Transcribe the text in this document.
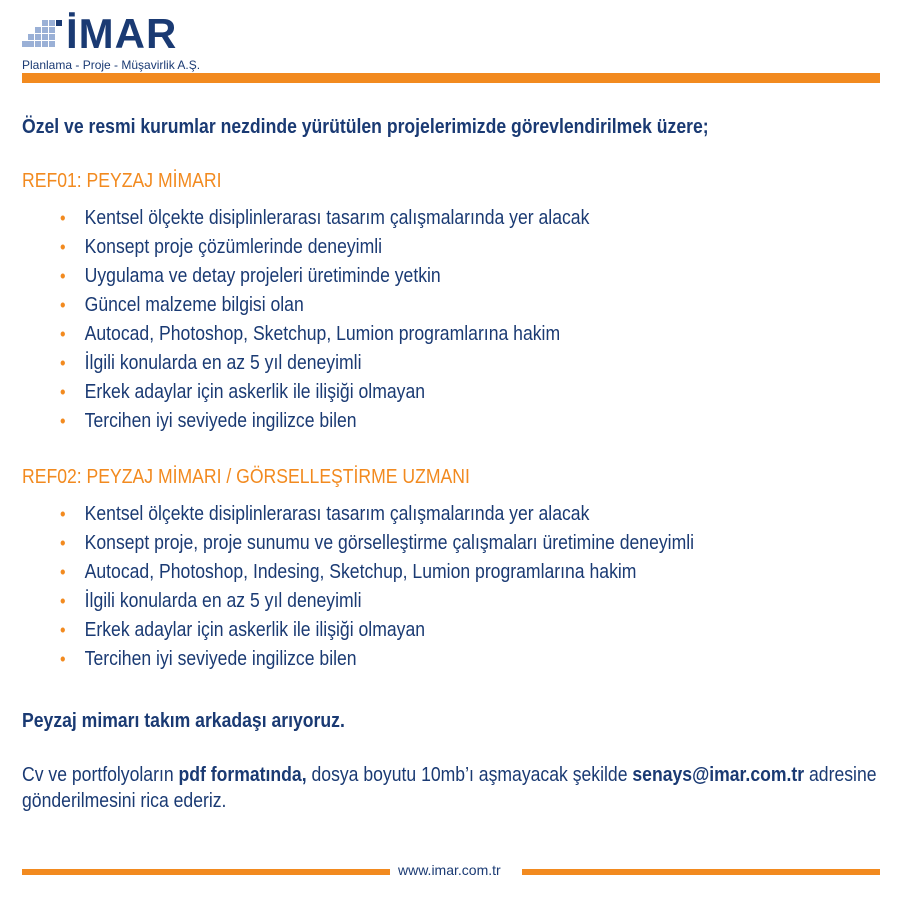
İMAR
Planlama - Proje - Müşavirlik A.Ş.

Özel ve resmi kurumlar nezdinde yürütülen projelerimizde görevlendirilmek üzere;

REF01: PEYZAJ MİMARI

• Kentsel ölçekte disiplinlerarası tasarım çalışmalarında yer alacak
• Konsept proje çözümlerinde deneyimli
• Uygulama ve detay projeleri üretiminde yetkin
• Güncel malzeme bilgisi olan
• Autocad, Photoshop, Sketchup, Lumion programlarına hakim
• İlgili konularda en az 5 yıl deneyimli
• Erkek adaylar için askerlik ile ilişiği olmayan
• Tercihen iyi seviyede ingilizce bilen

REF02: PEYZAJ MİMARI / GÖRSELLEŞTİRME UZMANI

• Kentsel ölçekte disiplinlerarası tasarım çalışmalarında yer alacak
• Konsept proje, proje sunumu ve görselleştirme çalışmaları üretimine deneyimli
• Autocad, Photoshop, Indesing, Sketchup, Lumion programlarına hakim
• İlgili konularda en az 5 yıl deneyimli
• Erkek adaylar için askerlik ile ilişiği olmayan
• Tercihen iyi seviyede ingilizce bilen

Peyzaj mimarı takım arkadaşı arıyoruz.

Cv ve portfolyoların pdf formatında, dosya boyutu 10mb’ı aşmayacak şekilde senays@imar.com.tr adresine gönderilmesini rica ederiz.

www.imar.com.tr
